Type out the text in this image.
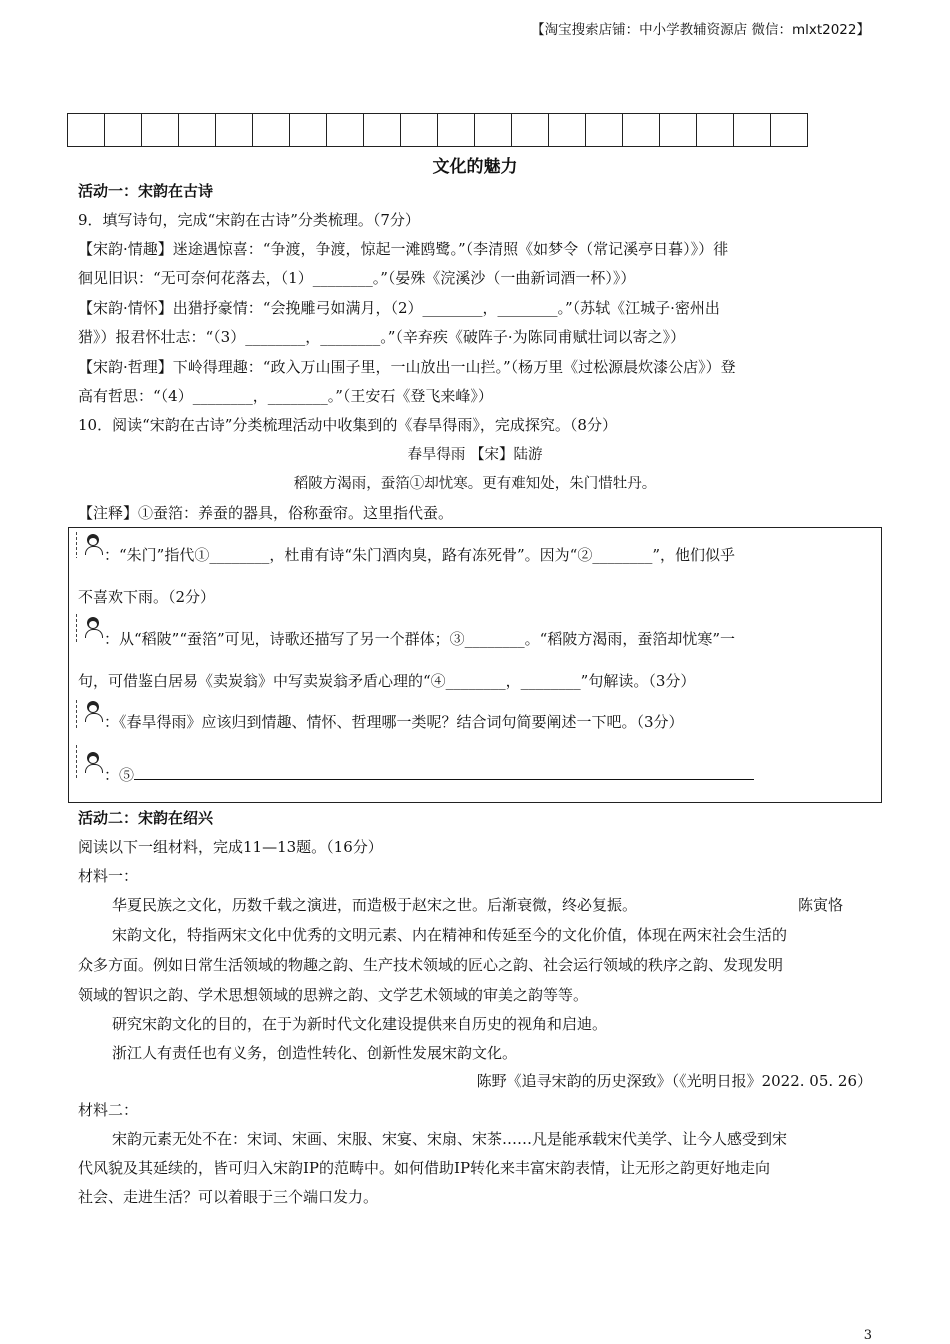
【淘宝搜索店铺：中小学教辅资源店 微信：mlxt2022】
文化的魅力
活动一：宋韵在古诗
9．填写诗句，完成“宋韵在古诗”分类梳理。（7分）
【宋韵·情趣】迷途遇惊喜：“争渡，争渡，惊起一滩鸥鹭。”（李清照《如梦令（常记溪亭日暮）》）徘
徊见旧识：“无可奈何花落去，（1）________。”（晏殊《浣溪沙（一曲新词酒一杯）》）
【宋韵·情怀】出猎抒豪情：“会挽雕弓如满月，（2）________，________。”（苏轼《江城子·密州出
猎》）报君怀壮志：“（3）________，________。”（辛弃疾《破阵子·为陈同甫赋壮词以寄之》）
【宋韵·哲理】下岭得理趣：“政入万山围子里，一山放出一山拦。”（杨万里《过松源晨炊漆公店》）登
高有哲思：“（4）________，________。”（王安石《登飞来峰》）
10．阅读“宋韵在古诗”分类梳理活动中收集到的《春旱得雨》，完成探究。（8分）
春旱得雨 【宋】陆游
稻陂方渴雨，蚕箔①却忧寒。更有难知处，朱门惜牡丹。
【注释】①蚕箔：养蚕的器具，俗称蚕帘。这里指代蚕。
：“朱门”指代①________，杜甫有诗“朱门酒肉臭，路有冻死骨”。因为“②________”，他们似乎
不喜欢下雨。（2分）
：从“稻陂”“蚕箔”可见，诗歌还描写了另一个群体；③________。“稻陂方渴雨，蚕箔却忧寒”一
句，可借鉴白居易《卖炭翁》中写卖炭翁矛盾心理的“④________，________”句解读。（3分）
：《春旱得雨》应该归到情趣、情怀、哲理哪一类呢？结合词句简要阐述一下吧。（3分）
：⑤
活动二：宋韵在绍兴
阅读以下一组材料，完成11—13题。（16分）
材料一：
华夏民族之文化，历数千载之演进，而造极于赵宋之世。后渐衰微，终必复振。	陈寅恪
宋韵文化，特指两宋文化中优秀的文明元素、内在精神和传延至今的文化价值，体现在两宋社会生活的
众多方面。例如日常生活领域的物趣之韵、生产技术领域的匠心之韵、社会运行领域的秩序之韵、发现发明
领域的智识之韵、学术思想领域的思辨之韵、文学艺术领域的审美之韵等等。
研究宋韵文化的目的，在于为新时代文化建设提供来自历史的视角和启迪。
浙江人有责任也有义务，创造性转化、创新性发展宋韵文化。
陈野《追寻宋韵的历史深致》（《光明日报》2022. 05. 26）
材料二：
宋韵元素无处不在：宋词、宋画、宋服、宋宴、宋扇、宋茶……凡是能承载宋代美学、让今人感受到宋
代风貌及其延续的，皆可归入宋韵IP的范畴中。如何借助IP转化来丰富宋韵表情，让无形之韵更好地走向
社会、走进生活？可以着眼于三个端口发力。
3
